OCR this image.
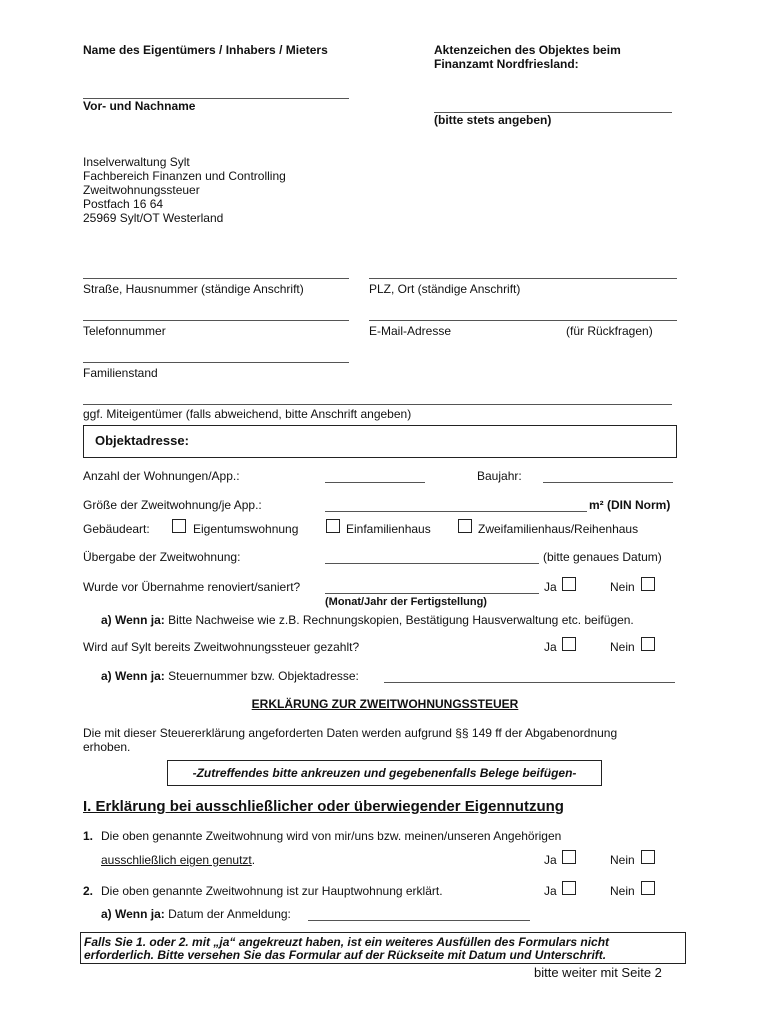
Name des Eigentümers / Inhabers / Mieters	Aktenzeichen des Objektes beim
Finanzamt Nordfriesland:
Vor- und Nachname
(bitte stets angeben)
Inselverwaltung Sylt
Fachbereich Finanzen und Controlling
Zweitwohnungssteuer
Postfach 16 64
25969 Sylt/OT Westerland
Straße, Hausnummer (ständige Anschrift)	PLZ, Ort (ständige Anschrift)
Telefonnummer	E-Mail-Adresse	(für Rückfragen)
Familienstand
ggf. Miteigentümer (falls abweichend, bitte Anschrift angeben)
Objektadresse:
Anzahl der Wohnungen/App.:	Baujahr:
Größe der Zweitwohnung/je App.:	m² (DIN Norm)
Gebäudeart:	Eigentumswohnung	Einfamilienhaus	Zweifamilienhaus/Reihenhaus
Übergabe der Zweitwohnung:	(bitte genaues Datum)
Wurde vor Übernahme renoviert/saniert?	Ja	Nein
(Monat/Jahr der Fertigstellung)
a) Wenn ja: Bitte Nachweise wie z.B. Rechnungskopien, Bestätigung Hausverwaltung etc. beifügen.
Wird auf Sylt bereits Zweitwohnungssteuer gezahlt?	Ja	Nein
a) Wenn ja: Steuernummer bzw. Objektadresse:
ERKLÄRUNG ZUR ZWEITWOHNUNGSSTEUER
Die mit dieser Steuererklärung angeforderten Daten werden aufgrund §§ 149 ff der Abgabenordnung
erhoben.
-Zutreffendes bitte ankreuzen und gegebenenfalls Belege beifügen-
I. Erklärung bei ausschließlicher oder überwiegender Eigennutzung
1. Die oben genannte Zweitwohnung wird von mir/uns bzw. meinen/unseren Angehörigen
ausschließlich eigen genutzt.	Ja	Nein
2. Die oben genannte Zweitwohnung ist zur Hauptwohnung erklärt.	Ja	Nein
a) Wenn ja: Datum der Anmeldung:
Falls Sie 1. oder 2. mit „ja“ angekreuzt haben, ist ein weiteres Ausfüllen des Formulars nicht
erforderlich. Bitte versehen Sie das Formular auf der Rückseite mit Datum und Unterschrift.
bitte weiter mit Seite 2
